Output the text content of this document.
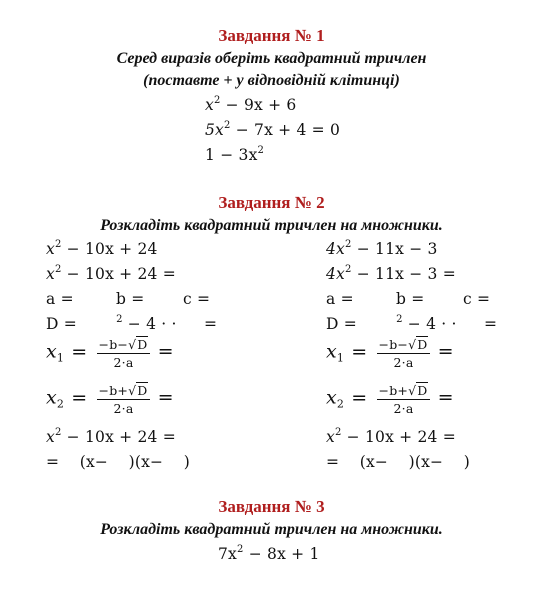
Завдання № 1
Серед виразів оберіть квадратний тричлен
(поставте + у відповідній клітинці)
$x^2 - 9x + 6$
$5x^2 - 7x + 4 = 0$
$1 - 3x^2$
Завдання № 2
Розкладіть квадратний тричлен на множники.
$x^2 - 10x + 24$
$x^2 - 10x + 24$ =
a =	b = c =
D =	$^2$ − 4 · · =
$x_1 = \frac{-b-√D}{2\cdot a}$ =
$x_2 = \frac{-b+√D}{2\cdot a}$ =
$x^2 - 10x + 24$ =
=    (x−    )(x−    )
$4x^2 - 11x - 3$
$4x^2 - 11x - 3$ =
a =	b = c =
D =	$^2$ − 4 · · =
$x_1 = \frac{-b-√D}{2\cdot a}$ =
$x_2 = \frac{-b+√D}{2\cdot a}$ =
$x^2 - 10x + 24$ =
=    (x−    )(x−    )
Завдання № 3
Розкладіть квадратний тричлен на множники.
$7x^2 - 8x + 1$
